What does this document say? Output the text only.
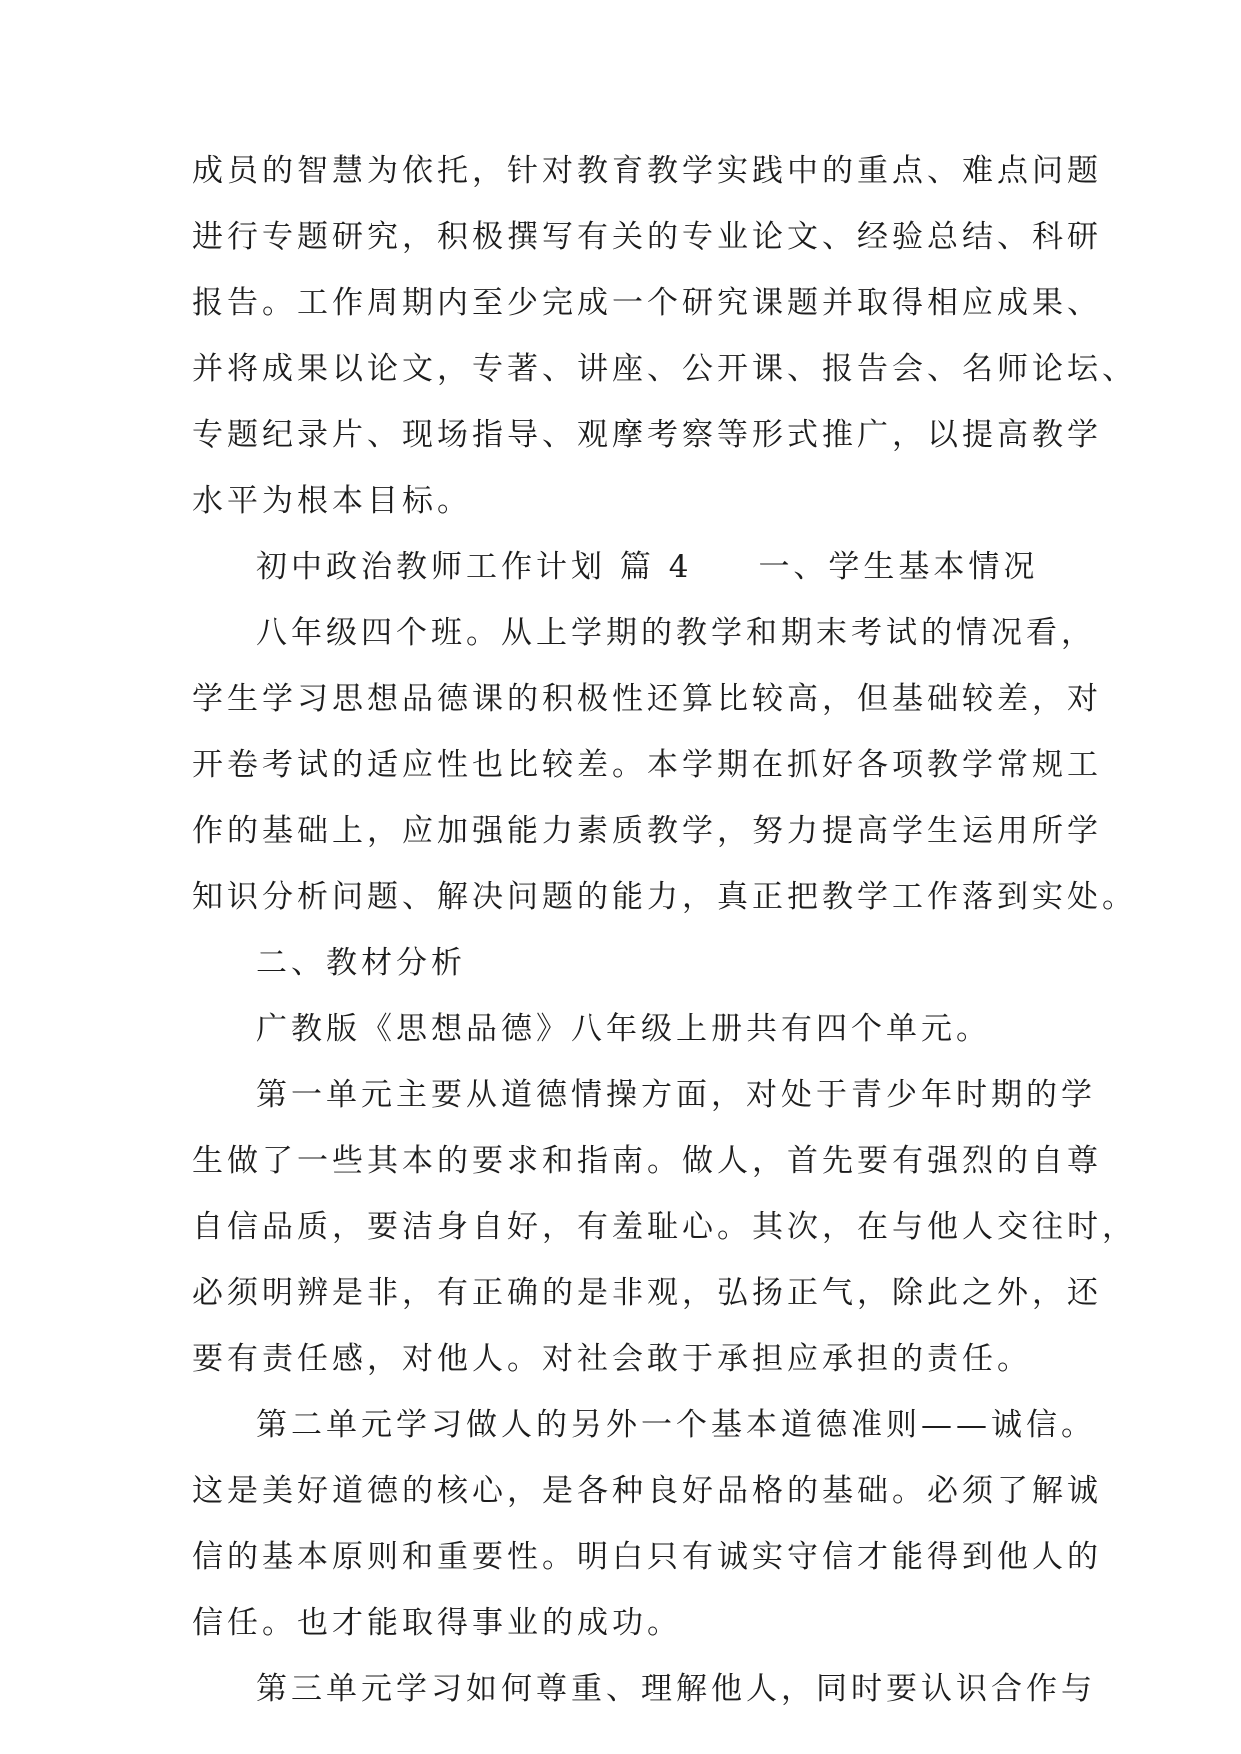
成员的智慧为依托，针对教育教学实践中的重点、难点问题

进行专题研究，积极撰写有关的专业论文、经验总结、科研

报告。工作周期内至少完成一个研究课题并取得相应成果、

并将成果以论文，专著、讲座、公开课、报告会、名师论坛、

专题纪录片、现场指导、观摩考察等形式推广，以提高教学

水平为根本目标。

初中政治教师工作计划 篇 4 一、学生基本情况

八年级四个班。从上学期的教学和期末考试的情况看，

学生学习思想品德课的积极性还算比较高，但基础较差，对

开卷考试的适应性也比较差。本学期在抓好各项教学常规工

作的基础上，应加强能力素质教学，努力提高学生运用所学

知识分析问题、解决问题的能力，真正把教学工作落到实处。

二、教材分析

广教版《思想品德》八年级上册共有四个单元。

第一单元主要从道德情操方面，对处于青少年时期的学

生做了一些其本的要求和指南。做人，首先要有强烈的自尊

自信品质，要洁身自好，有羞耻心。其次，在与他人交往时，

必须明辨是非，有正确的是非观，弘扬正气，除此之外，还

要有责任感，对他人。对社会敢于承担应承担的责任。

第二单元学习做人的另外一个基本道德准则——诚信。

这是美好道德的核心，是各种良好品格的基础。必须了解诚

信的基本原则和重要性。明白只有诚实守信才能得到他人的

信任。也才能取得事业的成功。

第三单元学习如何尊重、理解他人，同时要认识合作与
